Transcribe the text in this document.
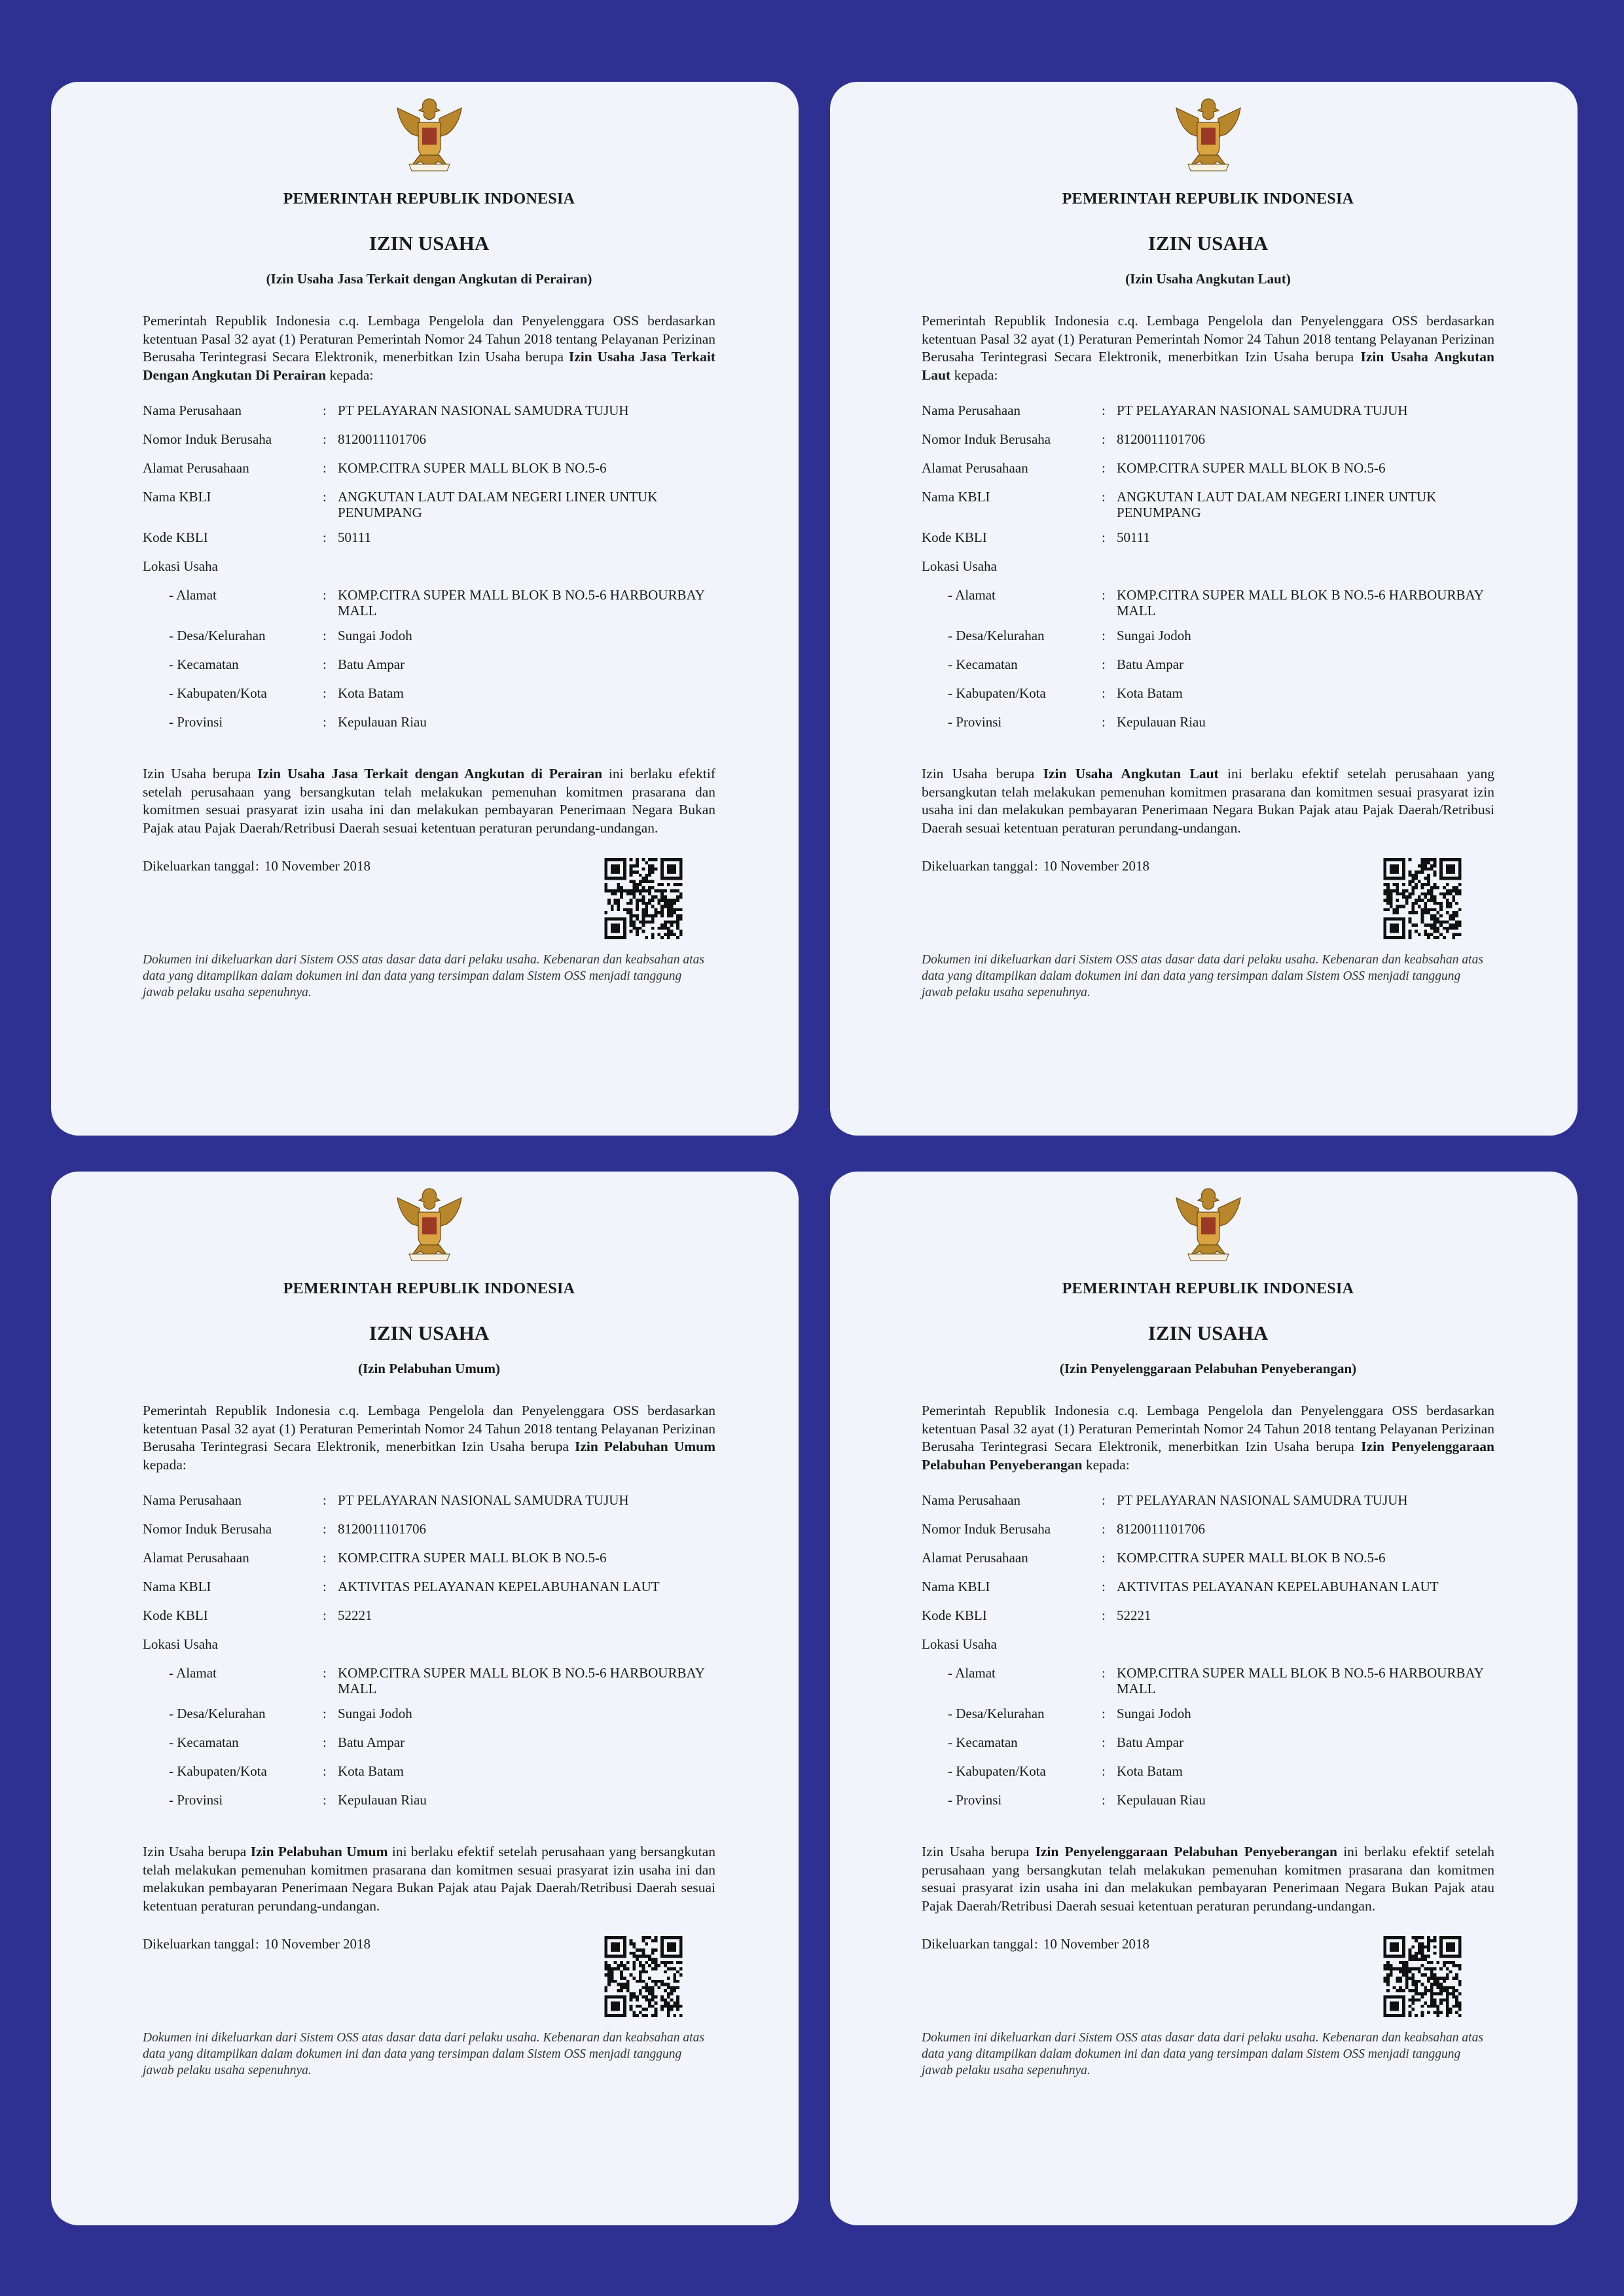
PEMERINTAH REPUBLIK INDONESIA
IZIN USAHA
(Izin Usaha Jasa Terkait dengan Angkutan di Perairan)
Pemerintah Republik Indonesia c.q. Lembaga Pengelola dan Penyelenggara OSS berdasarkan ketentuan Pasal 32 ayat (1) Peraturan Pemerintah Nomor 24 Tahun 2018 tentang Pelayanan Perizinan Berusaha Terintegrasi Secara Elektronik, menerbitkan Izin Usaha berupa Izin Usaha Jasa Terkait Dengan Angkutan Di Perairan kepada:
Nama Perusahaan	: PT PELAYARAN NASIONAL SAMUDRA TUJUH
Nomor Induk Berusaha	: 8120011101706
Alamat Perusahaan	: KOMP.CITRA SUPER MALL BLOK B NO.5-6
Nama KBLI	: ANGKUTAN LAUT DALAM NEGERI LINER UNTUK PENUMPANG
Kode KBLI	: 50111
Lokasi Usaha
- Alamat	: KOMP.CITRA SUPER MALL BLOK B NO.5-6 HARBOURBAY MALL
- Desa/Kelurahan	: Sungai Jodoh
- Kecamatan	: Batu Ampar
- Kabupaten/Kota	: Kota Batam
- Provinsi	: Kepulauan Riau
Izin Usaha berupa Izin Usaha Jasa Terkait dengan Angkutan di Perairan ini berlaku efektif setelah perusahaan yang bersangkutan telah melakukan pemenuhan komitmen prasarana dan komitmen sesuai prasyarat izin usaha ini dan melakukan pembayaran Penerimaan Negara Bukan Pajak atau Pajak Daerah/Retribusi Daerah sesuai ketentuan peraturan perundang-undangan.
Dikeluarkan tanggal : 10 November 2018
Dokumen ini dikeluarkan dari Sistem OSS atas dasar data dari pelaku usaha. Kebenaran dan keabsahan atas data yang ditampilkan dalam dokumen ini dan data yang tersimpan dalam Sistem OSS menjadi tanggung jawab pelaku usaha sepenuhnya.
PEMERINTAH REPUBLIK INDONESIA
IZIN USAHA
(Izin Usaha Angkutan Laut)
Pemerintah Republik Indonesia c.q. Lembaga Pengelola dan Penyelenggara OSS berdasarkan ketentuan Pasal 32 ayat (1) Peraturan Pemerintah Nomor 24 Tahun 2018 tentang Pelayanan Perizinan Berusaha Terintegrasi Secara Elektronik, menerbitkan Izin Usaha berupa Izin Usaha Angkutan Laut kepada:
Nama Perusahaan	: PT PELAYARAN NASIONAL SAMUDRA TUJUH
Nomor Induk Berusaha	: 8120011101706
Alamat Perusahaan	: KOMP.CITRA SUPER MALL BLOK B NO.5-6
Nama KBLI	: ANGKUTAN LAUT DALAM NEGERI LINER UNTUK PENUMPANG
Kode KBLI	: 50111
Lokasi Usaha
- Alamat	: KOMP.CITRA SUPER MALL BLOK B NO.5-6 HARBOURBAY MALL
- Desa/Kelurahan	: Sungai Jodoh
- Kecamatan	: Batu Ampar
- Kabupaten/Kota	: Kota Batam
- Provinsi	: Kepulauan Riau
Izin Usaha berupa Izin Usaha Angkutan Laut ini berlaku efektif setelah perusahaan yang bersangkutan telah melakukan pemenuhan komitmen prasarana dan komitmen sesuai prasyarat izin usaha ini dan melakukan pembayaran Penerimaan Negara Bukan Pajak atau Pajak Daerah/Retribusi Daerah sesuai ketentuan peraturan perundang-undangan.
Dikeluarkan tanggal : 10 November 2018
Dokumen ini dikeluarkan dari Sistem OSS atas dasar data dari pelaku usaha. Kebenaran dan keabsahan atas data yang ditampilkan dalam dokumen ini dan data yang tersimpan dalam Sistem OSS menjadi tanggung jawab pelaku usaha sepenuhnya.
PEMERINTAH REPUBLIK INDONESIA
IZIN USAHA
(Izin Pelabuhan Umum)
Pemerintah Republik Indonesia c.q. Lembaga Pengelola dan Penyelenggara OSS berdasarkan ketentuan Pasal 32 ayat (1) Peraturan Pemerintah Nomor 24 Tahun 2018 tentang Pelayanan Perizinan Berusaha Terintegrasi Secara Elektronik, menerbitkan Izin Usaha berupa Izin Pelabuhan Umum kepada:
Nama Perusahaan	: PT PELAYARAN NASIONAL SAMUDRA TUJUH
Nomor Induk Berusaha	: 8120011101706
Alamat Perusahaan	: KOMP.CITRA SUPER MALL BLOK B NO.5-6
Nama KBLI	: AKTIVITAS PELAYANAN KEPELABUHANAN LAUT
Kode KBLI	: 52221
Lokasi Usaha
- Alamat	: KOMP.CITRA SUPER MALL BLOK B NO.5-6 HARBOURBAY MALL
- Desa/Kelurahan	: Sungai Jodoh
- Kecamatan	: Batu Ampar
- Kabupaten/Kota	: Kota Batam
- Provinsi	: Kepulauan Riau
Izin Usaha berupa Izin Pelabuhan Umum ini berlaku efektif setelah perusahaan yang bersangkutan telah melakukan pemenuhan komitmen prasarana dan komitmen sesuai prasyarat izin usaha ini dan melakukan pembayaran Penerimaan Negara Bukan Pajak atau Pajak Daerah/Retribusi Daerah sesuai ketentuan peraturan perundang-undangan.
Dikeluarkan tanggal : 10 November 2018
Dokumen ini dikeluarkan dari Sistem OSS atas dasar data dari pelaku usaha. Kebenaran dan keabsahan atas data yang ditampilkan dalam dokumen ini dan data yang tersimpan dalam Sistem OSS menjadi tanggung jawab pelaku usaha sepenuhnya.
PEMERINTAH REPUBLIK INDONESIA
IZIN USAHA
(Izin Penyelenggaraan Pelabuhan Penyeberangan)
Pemerintah Republik Indonesia c.q. Lembaga Pengelola dan Penyelenggara OSS berdasarkan ketentuan Pasal 32 ayat (1) Peraturan Pemerintah Nomor 24 Tahun 2018 tentang Pelayanan Perizinan Berusaha Terintegrasi Secara Elektronik, menerbitkan Izin Usaha berupa Izin Penyelenggaraan Pelabuhan Penyeberangan kepada:
Nama Perusahaan	: PT PELAYARAN NASIONAL SAMUDRA TUJUH
Nomor Induk Berusaha	: 8120011101706
Alamat Perusahaan	: KOMP.CITRA SUPER MALL BLOK B NO.5-6
Nama KBLI	: AKTIVITAS PELAYANAN KEPELABUHANAN LAUT
Kode KBLI	: 52221
Lokasi Usaha
- Alamat	: KOMP.CITRA SUPER MALL BLOK B NO.5-6 HARBOURBAY MALL
- Desa/Kelurahan	: Sungai Jodoh
- Kecamatan	: Batu Ampar
- Kabupaten/Kota	: Kota Batam
- Provinsi	: Kepulauan Riau
Izin Usaha berupa Izin Penyelenggaraan Pelabuhan Penyeberangan ini berlaku efektif setelah perusahaan yang bersangkutan telah melakukan pemenuhan komitmen prasarana dan komitmen sesuai prasyarat izin usaha ini dan melakukan pembayaran Penerimaan Negara Bukan Pajak atau Pajak Daerah/Retribusi Daerah sesuai ketentuan peraturan perundang-undangan.
Dikeluarkan tanggal : 10 November 2018
Dokumen ini dikeluarkan dari Sistem OSS atas dasar data dari pelaku usaha. Kebenaran dan keabsahan atas data yang ditampilkan dalam dokumen ini dan data yang tersimpan dalam Sistem OSS menjadi tanggung jawab pelaku usaha sepenuhnya.
